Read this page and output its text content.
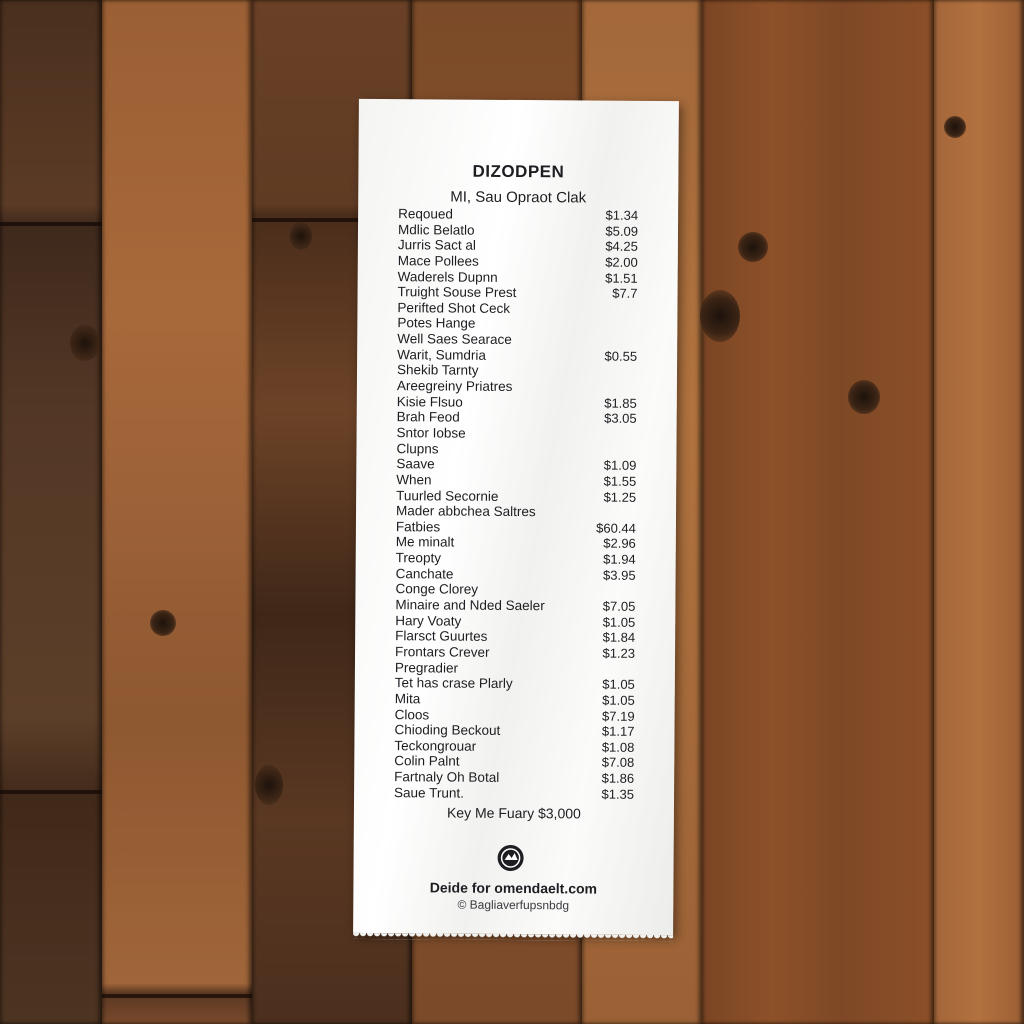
DIZODPEN
MI, Sau Opraot Clak
Reqoued	$1.34
Mdlic Belatlo	$5.09
Jurris Sact al	$4.25
Mace Pollees	$2.00
Waderels Dupnn	$1.51
Truight Souse Prest	$7.7
Perifted Shot Ceck
Potes Hange
Well Saes Searace
Warit, Sumdria	$0.55
Shekib Tarnty
Areegreiny Priatres
Kisie Flsuo	$1.85
Brah Feod	$3.05
Sntor Iobse
Clupns
Saave	$1.09
When	$1.55
Tuurled Secornie	$1.25
Mader abbchea Saltres
Fatbies	$60.44
Me minalt	$2.96
Treopty	$1.94
Canchate	$3.95
Conge Clorey
Minaire and Nded Saeler	$7.05
Hary Voaty	$1.05
Flarsct Guurtes	$1.84
Frontars Crever	$1.23
Pregradier
Tet has crase Plarly	$1.05
Mita	$1.05
Cloos	$7.19
Chioding Beckout	$1.17
Teckongrouar	$1.08
Colin Palnt	$7.08
Fartnaly Oh Botal	$1.86
Saue Trunt.	$1.35
Key Me Fuary $3,000
Deide for omendaelt.com
© Bagliaverfupsnbdg
